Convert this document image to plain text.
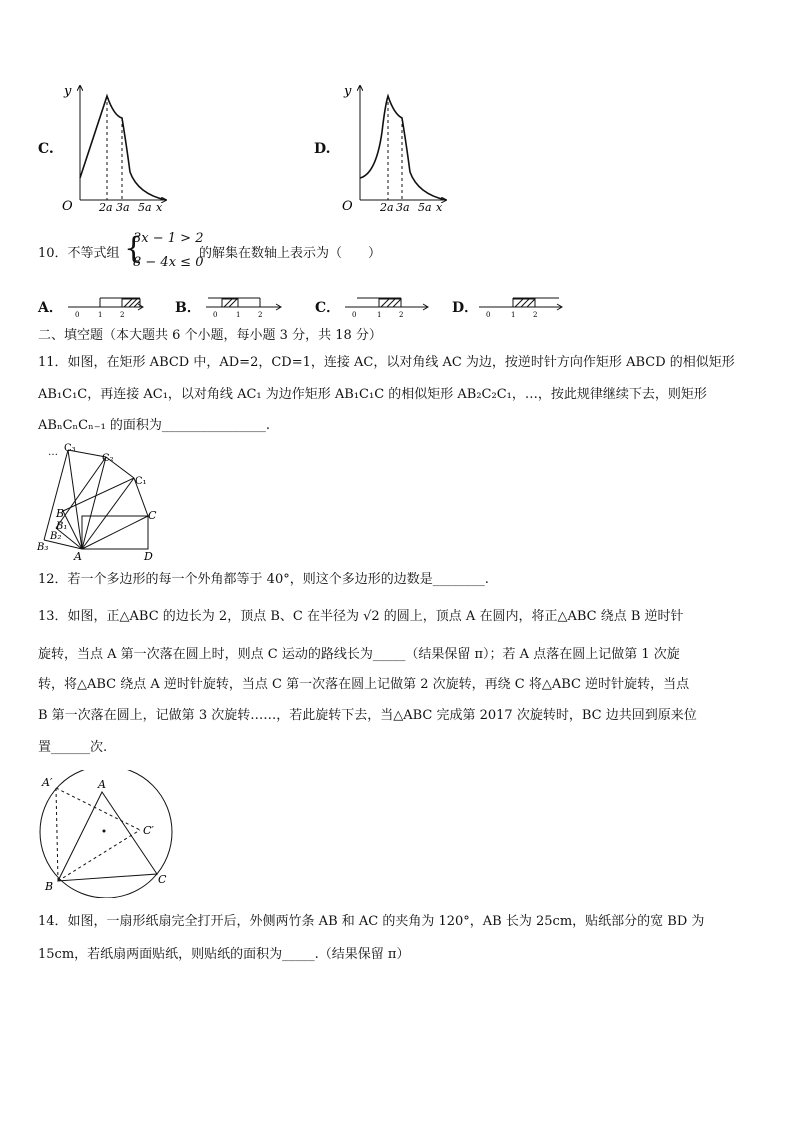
C.
y
O 2a 3a 5a x
D.
y
O 2a 3a 5a x
10．不等式组 {
3x − 1 > 2
8 − 4x ≤ 0
的解集在数轴上表示为（　　）
A． 0	1	2	B． 0	1	2	C． 0	1	2	D． 0	1	2
二、填空题（本大题共 6 个小题，每小题 3 分，共 18 分）
11．如图，在矩形 ABCD 中，AD=2，CD=1，连接 AC，以对角线 AC 为边，按逆时针方向作矩形 ABCD 的相似矩形
AB₁C₁C，再连接 AC₁，以对角线 AC₁ 为边作矩形 AB₁C₁C 的相似矩形 AB₂C₂C₁，…，按此规律继续下去，则矩形
ABₙCₙCₙ₋₁ 的面积为________________.
… C₃
C₂
C₁
C
B
B₁
B₂
B₃
A	D
12．若一个多边形的每一个外角都等于 40°，则这个多边形的边数是________.
13．如图，正△ABC 的边长为 2，顶点 B、C 在半径为 √2 的圆上，顶点 A 在圆内，将正△ABC 绕点 B 逆时针
旋转，当点 A 第一次落在圆上时，则点 C 运动的路线长为_____（结果保留 π）；若 A 点落在圆上记做第 1 次旋
转，将△ABC 绕点 A 逆时针旋转，当点 C 第一次落在圆上记做第 2 次旋转，再绕 C 将△ABC 逆时针旋转，当点
B 第一次落在圆上，记做第 3 次旋转……，若此旋转下去，当△ABC 完成第 2017 次旋转时，BC 边共回到原来位
置______次.
A′	A
C′
B
C
14．如图，一扇形纸扇完全打开后，外侧两竹条 AB 和 AC 的夹角为 120°，AB 长为 25cm，贴纸部分的宽 BD 为
15cm，若纸扇两面贴纸，则贴纸的面积为_____.（结果保留 π）
